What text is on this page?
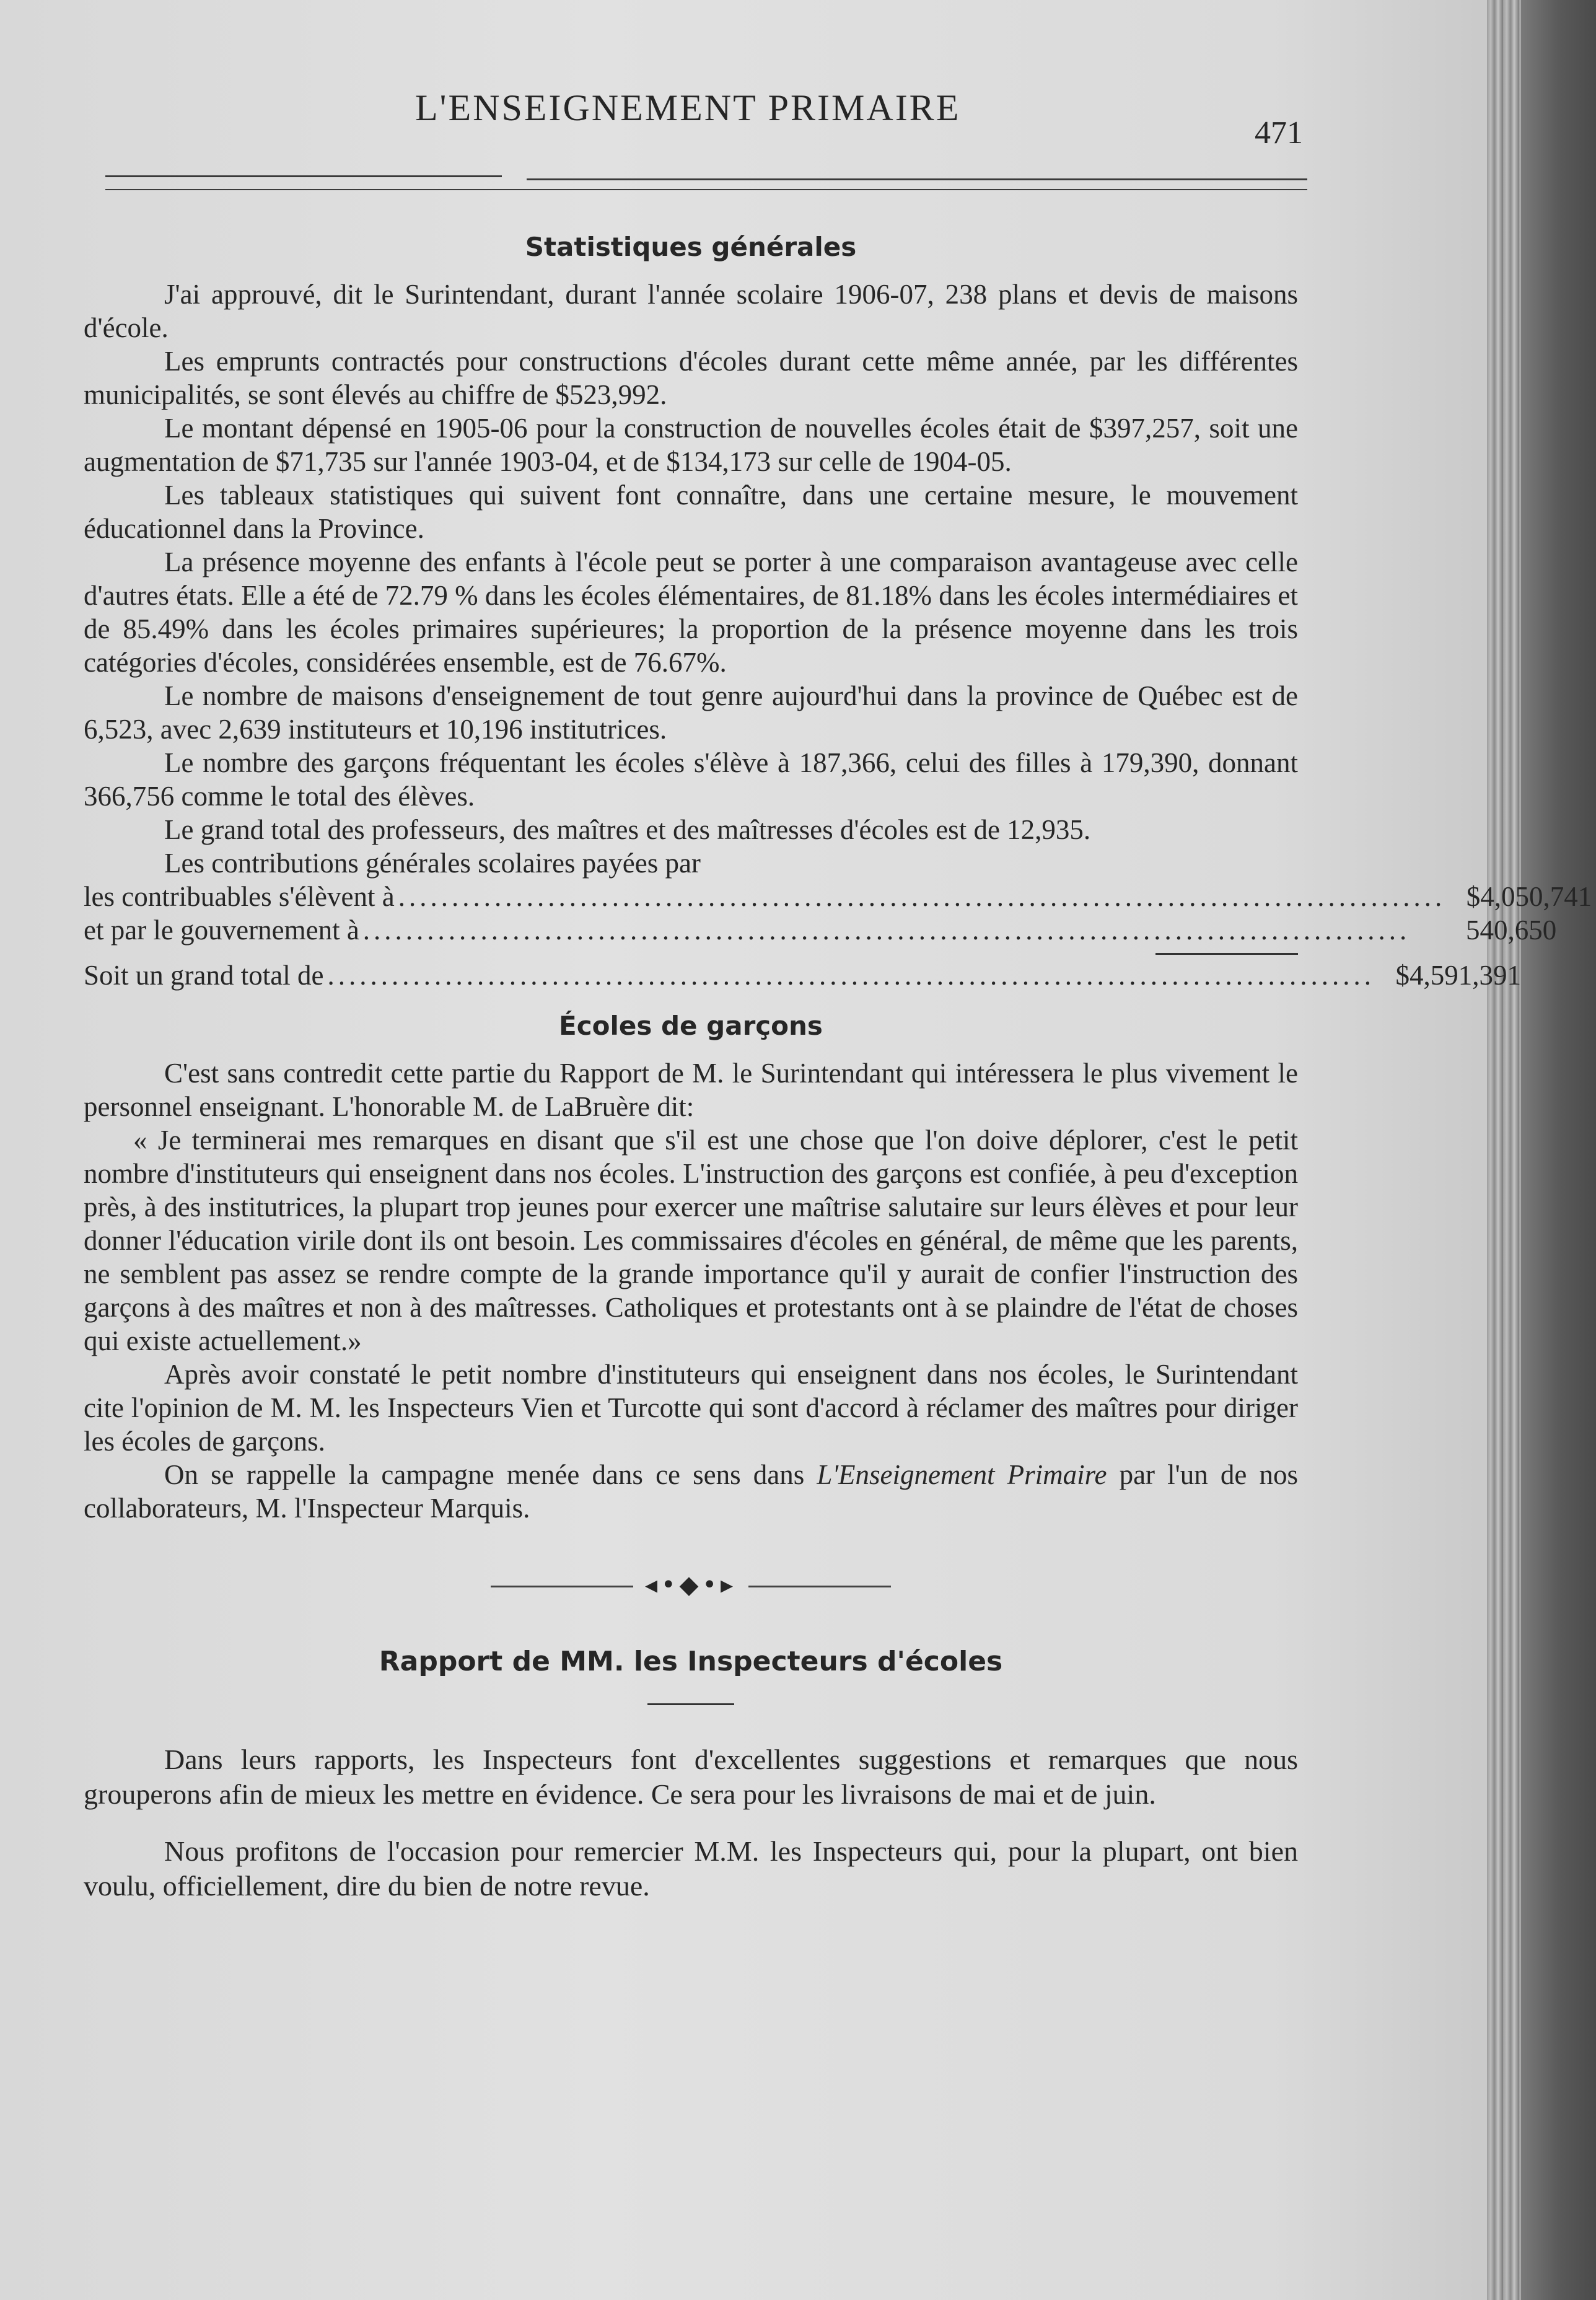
L'ENSEIGNEMENT PRIMAIRE
471
Statistiques générales

J'ai approuvé, dit le Surintendant, durant l'année scolaire 1906-07, 238 plans et devis de maisons d'école.

Les emprunts contractés pour constructions d'écoles durant cette même année, par les différentes municipalités, se sont élevés au chiffre de $523,992.

Le montant dépensé en 1905-06 pour la construction de nouvelles écoles était de $397,257, soit une augmentation de $71,735 sur l'année 1903-04, et de $134,173 sur celle de 1904-05.

Les tableaux statistiques qui suivent font connaître, dans une certaine mesure, le mouvement éducationnel dans la Province.

La présence moyenne des enfants à l'école peut se porter à une comparaison avantageuse avec celle d'autres états. Elle a été de 72.79 % dans les écoles élémentaires, de 81.18% dans les écoles intermédiaires et de 85.49% dans les écoles primaires supérieures; la proportion de la présence moyenne dans les trois catégories d'écoles, considérées ensemble, est de 76.67%.

Le nombre de maisons d'enseignement de tout genre aujourd'hui dans la province de Québec est de 6,523, avec 2,639 instituteurs et 10,196 institutrices.

Le nombre des garçons fréquentant les écoles s'élève à 187,366, celui des filles à 179,390, donnant 366,756 comme le total des élèves.

Le grand total des professeurs, des maîtres et des maîtresses d'écoles est de 12,935.

Les contributions générales scolaires payées par

les contribuables s'élèvent à .................................................................................................. $4,050,741
et par le gouvernement à ..................................................................................................	540,650
Soit un grand total de .................................................................................................. $4,591,391
Écoles de garçons

C'est sans contredit cette partie du Rapport de M. le Surintendant qui intéressera le plus vivement le personnel enseignant. L'honorable M. de LaBruère dit:

« Je terminerai mes remarques en disant que s'il est une chose que l'on doive déplorer, c'est le petit nombre d'instituteurs qui enseignent dans nos écoles. L'instruction des garçons est confiée, à peu d'exception près, à des institutrices, la plupart trop jeunes pour exercer une maîtrise salutaire sur leurs élèves et pour leur donner l'éducation virile dont ils ont besoin. Les commissaires d'écoles en général, de même que les parents, ne semblent pas assez se rendre compte de la grande importance qu'il y aurait de confier l'instruction des garçons à des maîtres et non à des maîtresses. Catholiques et protestants ont à se plaindre de l'état de choses qui existe actuellement.»

Après avoir constaté le petit nombre d'instituteurs qui enseignent dans nos écoles, le Surintendant cite l'opinion de M. M. les Inspecteurs Vien et Turcotte qui sont d'accord à réclamer des maîtres pour diriger les écoles de garçons.

On se rappelle la campagne menée dans ce sens dans L'Enseignement Primaire par l'un de nos collaborateurs, M. l'Inspecteur Marquis.

◂•◆•▸
Rapport de MM. les Inspecteurs d'écoles

Dans leurs rapports, les Inspecteurs font d'excellentes suggestions et remarques que nous grouperons afin de mieux les mettre en évidence. Ce sera pour les livraisons de mai et de juin.

Nous profitons de l'occasion pour remercier M.M. les Inspecteurs qui, pour la plupart, ont bien voulu, officiellement, dire du bien de notre revue.
